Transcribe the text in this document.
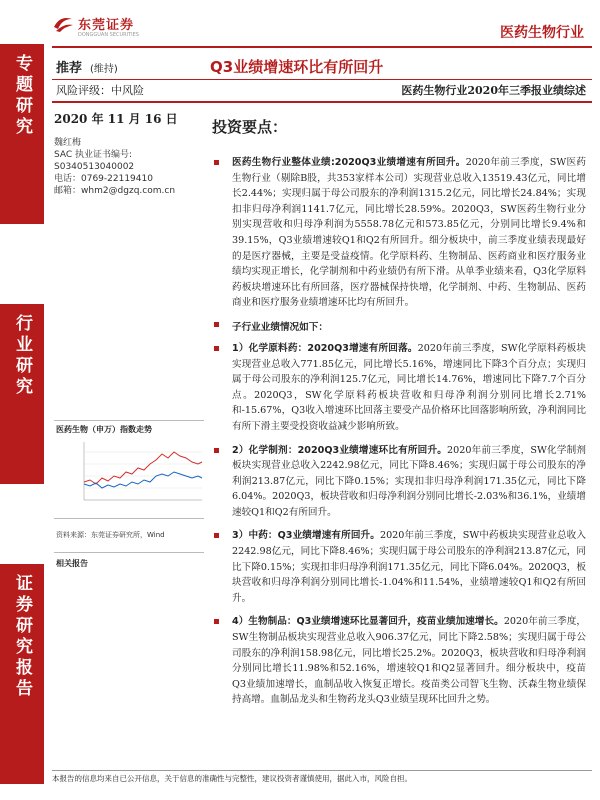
专题研究
行业研究
证券研究报告
东莞证券
DONGGUAN SECURITIES	医药生物行业
推荐 (维持)	Q3业绩增速环比有所回升
风险评级：中风险	医药生物行业2020年三季报业绩综述
2020 年 11 月 16 日
魏红梅
SAC 执业证书编号:
S0340513040002
电话：0769-22119410
邮箱：whm2@dgzq.com.cn
医药生物（申万）指数走势
资料来源：东莞证券研究所，Wind
相关报告
投资要点：
医药生物行业整体业绩:2020Q3业绩增速有所回升。2020年前三季度，SW医药生物行业（剔除B股，共353家样本公司）实现营业总收入13519.43亿元，同比增长2.44%；实现归属于母公司股东的净利润1315.2亿元，同比增长24.84%；实现扣非归母净利润1141.7亿元，同比增长28.59%。2020Q3，SW医药生物行业分别实现营收和归母净利润为5558.78亿元和573.85亿元，分别同比增长9.4%和39.15%，Q3业绩增速较Q1和Q2有所回升。细分板块中，前三季度业绩表现最好的是医疗器械，主要是受益疫情。化学原料药、生物制品、医药商业和医疗服务业绩均实现正增长，化学制剂和中药业绩仍有所下滑。从单季业绩来看，Q3化学原料药板块增速环比有所回落，医疗器械保持快增，化学制剂、中药、生物制品、医药商业和医疗服务业绩增速环比均有所回升。
子行业业绩情况如下：
1）化学原料药：2020Q3增速有所回落。2020年前三季度，SW化学原料药板块实现营业总收入771.85亿元，同比增长5.16%，增速同比下降3个百分点；实现归属于母公司股东的净利润125.7亿元，同比增长14.76%，增速同比下降7.7个百分点。2020Q3，SW化学原料药板块营收和归母净利润分别同比增长2.71%和-15.67%，Q3收入增速环比回落主要受产品价格环比回落影响所致，净利润同比有所下滑主要受投资收益减少影响所致。
2）化学制剂：2020Q3业绩增速环比有所回升。2020年前三季度，SW化学制剂板块实现营业总收入2242.98亿元，同比下降8.46%；实现归属于母公司股东的净利润213.87亿元，同比下降0.15%；实现扣非归母净利润171.35亿元，同比下降6.04%。2020Q3，板块营收和归母净利润分别同比增长-2.03%和36.1%，业绩增速较Q1和Q2有所回升。
3）中药：Q3业绩增速有所回升。2020年前三季度，SW中药板块实现营业总收入2242.98亿元，同比下降8.46%；实现归属于母公司股东的净利润213.87亿元，同比下降0.15%；实现扣非归母净利润171.35亿元，同比下降6.04%。2020Q3，板块营收和归母净利润分别同比增长-1.04%和11.54%，业绩增速较Q1和Q2有所回升。
4）生物制品：Q3业绩增速环比显著回升，疫苗业绩加速增长。2020年前三季度，SW生物制品板块实现营业总收入906.37亿元，同比下降2.58%；实现归属于母公司股东的净利润158.98亿元，同比增长25.2%。2020Q3，板块营收和归母净利润分别同比增长11.98%和52.16%，增速较Q1和Q2显著回升。细分板块中，疫苗Q3业绩加速增长，血制品收入恢复正增长。疫苗类公司智飞生物、沃森生物业绩保持高增。血制品龙头和生物药龙头Q3业绩呈现环比回升之势。
本报告的信息均来自已公开信息，关于信息的准确性与完整性，建议投资者谨慎使用，据此入市，风险自担。
